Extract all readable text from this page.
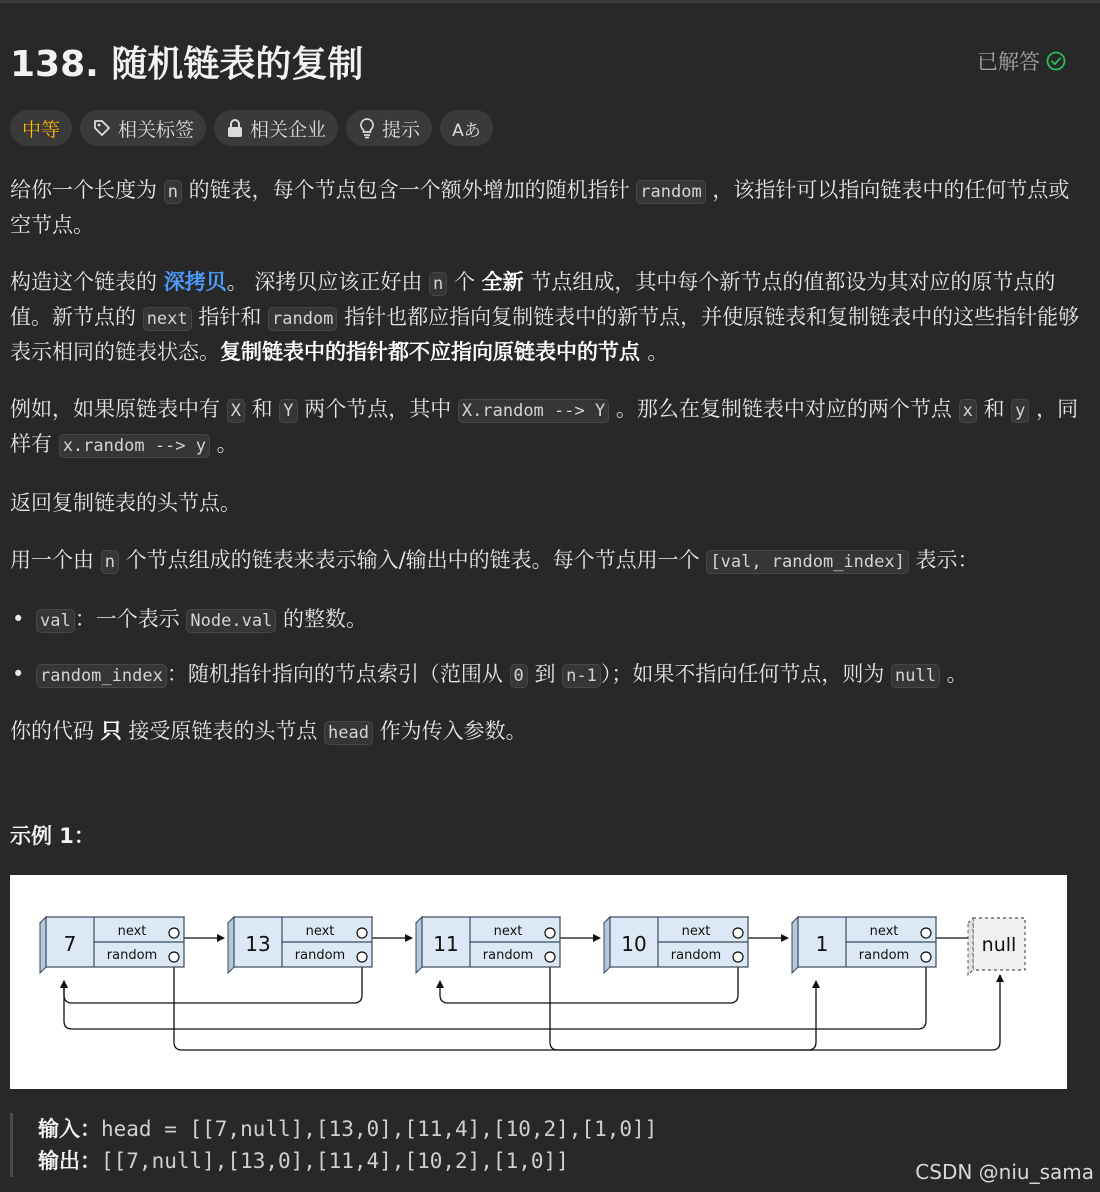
138. 随机链表的复制	已解答
中等	相关标签	相关企业	提示 Aあ

给你一个长度为 n 的链表，每个节点包含一个额外增加的随机指针 random ，该指针可以指向链表中的任何节点或空节点。

构造这个链表的 深拷贝。 深拷贝应该正好由 n 个 全新 节点组成，其中每个新节点的值都设为其对应的原节点的值。新节点的 next 指针和 random 指针也都应指向复制链表中的新节点，并使原链表和复制链表中的这些指针能够表示相同的链表状态。复制链表中的指针都不应指向原链表中的节点 。

例如，如果原链表中有 X 和 Y 两个节点，其中 X.random --> Y 。那么在复制链表中对应的两个节点 x 和 y ，同样有 x.random --> y 。

返回复制链表的头节点。

用一个由 n 个节点组成的链表来表示输入/输出中的链表。每个节点用一个 [val, random_index] 表示：

• val ：一个表示 Node.val 的整数。
• random_index ：随机指针指向的节点索引（范围从 0 到 n-1 ）；如果不指向任何节点，则为 null 。

你的代码 只 接受原链表的头节点 head 作为传入参数。

示例 1：
7
next
random	13
next
random	11
next
random	10
next
random	1
next
random	null
输入：head = [[7,null],[13,0],[11,4],[10,2],[1,0]]
输出：[[7,null],[13,0],[11,4],[10,2],[1,0]]	CSDN @niu_sama
